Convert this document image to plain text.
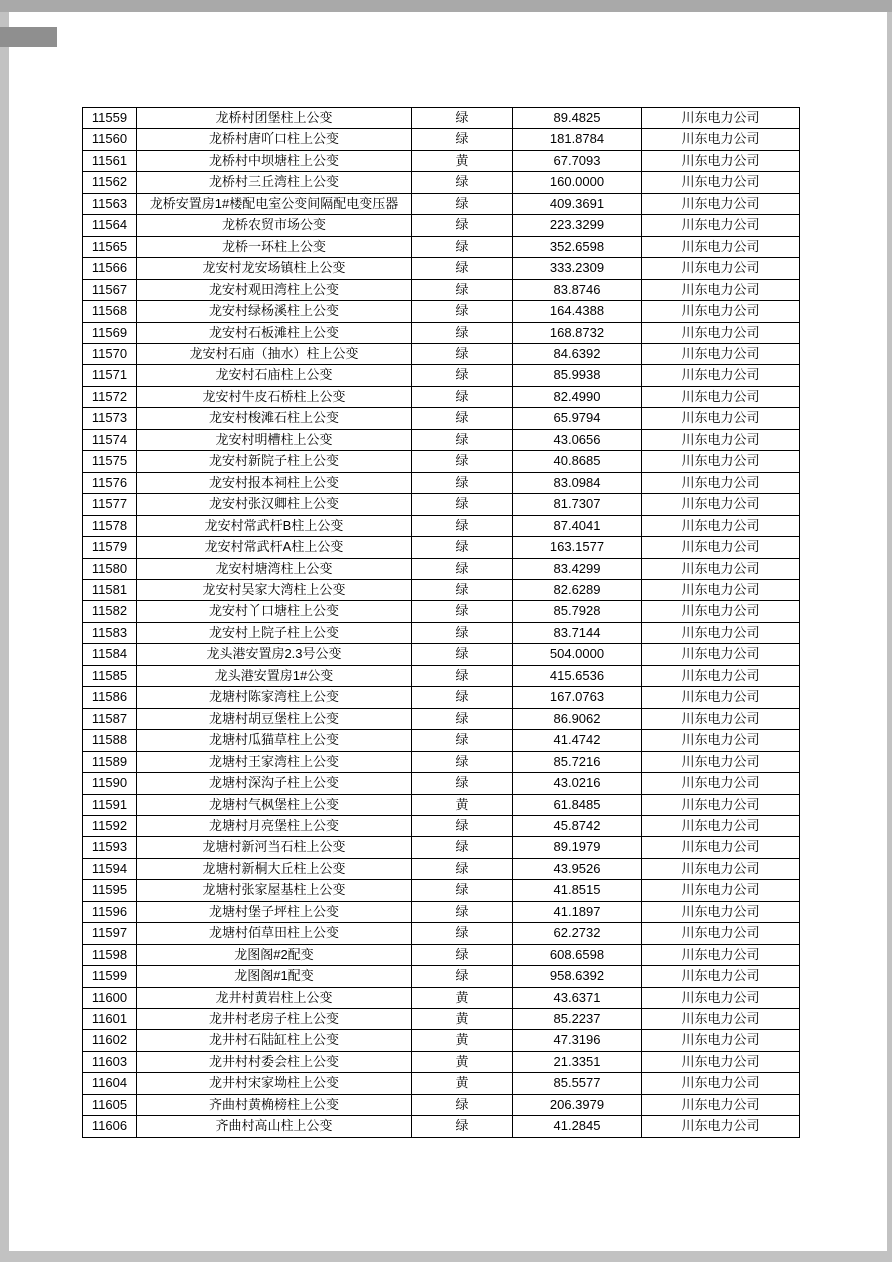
11559	龙桥村团堡柱上公变	绿	89.4825	川东电力公司
11560	龙桥村唐吖口柱上公变	绿	181.8784	川东电力公司
11561	龙桥村中坝塘柱上公变	黄	67.7093	川东电力公司
11562	龙桥村三丘湾柱上公变	绿	160.0000	川东电力公司
11563	龙桥安置房1#楼配电室公变间隔配电变压器	绿	409.3691	川东电力公司
11564	龙桥农贸市场公变	绿	223.3299	川东电力公司
11565	龙桥一环柱上公变	绿	352.6598	川东电力公司
11566	龙安村龙安场镇柱上公变	绿	333.2309	川东电力公司
11567	龙安村观田湾柱上公变	绿	83.8746	川东电力公司
11568	龙安村绿杨溪柱上公变	绿	164.4388	川东电力公司
11569	龙安村石板滩柱上公变	绿	168.8732	川东电力公司
11570	龙安村石庙（抽水）柱上公变	绿	84.6392	川东电力公司
11571	龙安村石庙柱上公变	绿	85.9938	川东电力公司
11572	龙安村牛皮石桥柱上公变	绿	82.4990	川东电力公司
11573	龙安村梭滩石柱上公变	绿	65.9794	川东电力公司
11574	龙安村明槽柱上公变	绿	43.0656	川东电力公司
11575	龙安村新院子柱上公变	绿	40.8685	川东电力公司
11576	龙安村报本祠柱上公变	绿	83.0984	川东电力公司
11577	龙安村张汉卿柱上公变	绿	81.7307	川东电力公司
11578	龙安村常武杆B柱上公变	绿	87.4041	川东电力公司
11579	龙安村常武杆A柱上公变	绿	163.1577	川东电力公司
11580	龙安村塘湾柱上公变	绿	83.4299	川东电力公司
11581	龙安村吴家大湾柱上公变	绿	82.6289	川东电力公司
11582	龙安村丫口塘柱上公变	绿	85.7928	川东电力公司
11583	龙安村上院子柱上公变	绿	83.7144	川东电力公司
11584	龙头港安置房2.3号公变	绿	504.0000	川东电力公司
11585	龙头港安置房1#公变	绿	415.6536	川东电力公司
11586	龙塘村陈家湾柱上公变	绿	167.0763	川东电力公司
11587	龙塘村胡豆堡柱上公变	绿	86.9062	川东电力公司
11588	龙塘村瓜猫草柱上公变	绿	41.4742	川东电力公司
11589	龙塘村王家湾柱上公变	绿	85.7216	川东电力公司
11590	龙塘村深沟子柱上公变	绿	43.0216	川东电力公司
11591	龙塘村气枫堡柱上公变	黄	61.8485	川东电力公司
11592	龙塘村月亮堡柱上公变	绿	45.8742	川东电力公司
11593	龙塘村新河当石柱上公变	绿	89.1979	川东电力公司
11594	龙塘村新桐大丘柱上公变	绿	43.9526	川东电力公司
11595	龙塘村张家屋基柱上公变	绿	41.8515	川东电力公司
11596	龙塘村堡子坪柱上公变	绿	41.1897	川东电力公司
11597	龙塘村佰草田柱上公变	绿	62.2732	川东电力公司
11598	龙图阁#2配变	绿	608.6598	川东电力公司
11599	龙图阁#1配变	绿	958.6392	川东电力公司
11600	龙井村黄岩柱上公变	黄	43.6371	川东电力公司
11601	龙井村老房子柱上公变	黄	85.2237	川东电力公司
11602	龙井村石陆缸柱上公变	黄	47.3196	川东电力公司
11603	龙井村村委会柱上公变	黄	21.3351	川东电力公司
11604	龙井村宋家坳柱上公变	黄	85.5577	川东电力公司
11605	齐曲村黄桷榜柱上公变	绿	206.3979	川东电力公司
11606	齐曲村高山柱上公变	绿	41.2845	川东电力公司
